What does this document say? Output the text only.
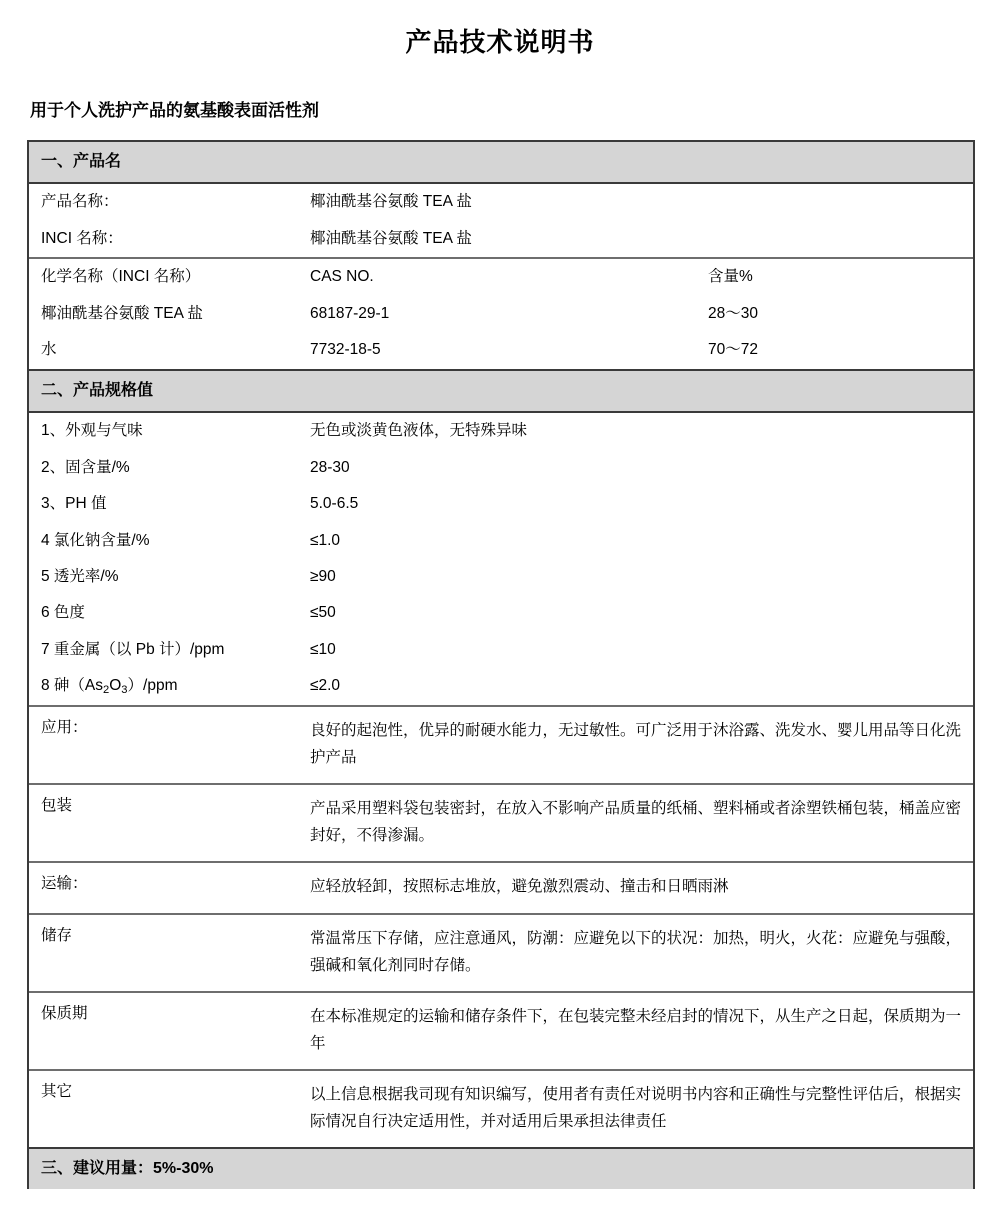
产品技术说明书
用于个人洗护产品的氨基酸表面活性剂
一、产品名
产品名称：	椰油酰基谷氨酸 TEA 盐
INCI 名称：	椰油酰基谷氨酸 TEA 盐
化学名称（INCI 名称）	CAS NO.	含量%
椰油酰基谷氨酸 TEA 盐	68187-29-1	28～30
水	7732-18-5	70～72
二、产品规格值
1、外观与气味	无色或淡黄色液体，无特殊异味
2、固含量/%	28-30
3、PH 值	5.0-6.5
4 氯化钠含量/%	≤1.0
5 透光率/%	≥90
6 色度	≤50
7 重金属（以 Pb 计）/ppm	≤10
8 砷$(As_2O_3)$/ppm	≤2.0
应用：	良好的起泡性，优异的耐硬水能力，无过敏性。可广泛用于沐浴露、洗发水、婴儿用品等日化洗护产品
包装	产品采用塑料袋包装密封，在放入不影响产品质量的纸桶、塑料桶或者涂塑铁桶包装，桶盖应密封好，不得渗漏。
运输：	应轻放轻卸，按照标志堆放，避免激烈震动、撞击和日晒雨淋
储存	常温常压下存储，应注意通风，防潮：应避免以下的状况：加热，明火，火花：应避免与强酸，强碱和氧化剂同时存储。
保质期	在本标准规定的运输和储存条件下，在包装完整未经启封的情况下，从生产之日起，保质期为一年
其它	以上信息根据我司现有知识编写，使用者有责任对说明书内容和正确性与完整性评估后，根据实际情况自行决定适用性，并对适用后果承担法律责任
三、建议用量：5%-30%
